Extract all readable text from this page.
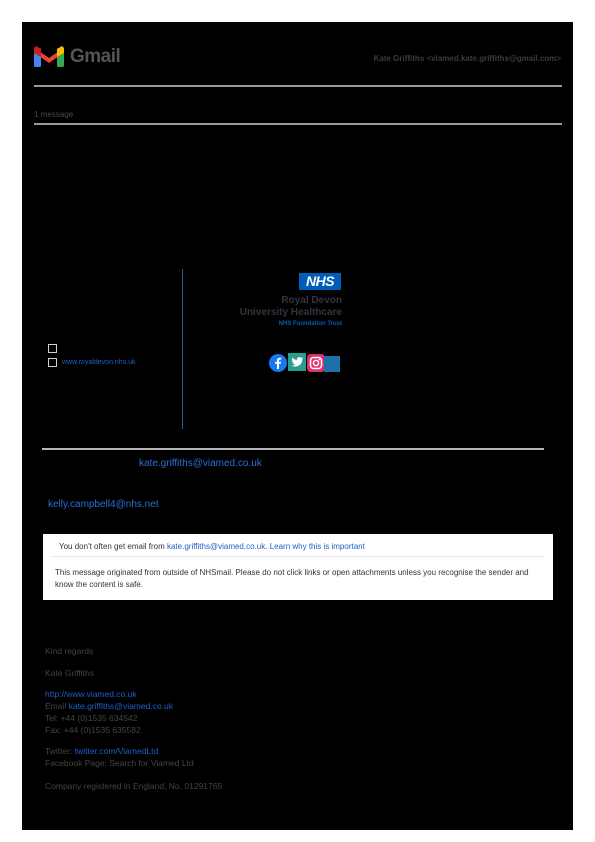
Gmail	Kate Griffiths <viamed.kate.griffiths@gmail.com>
1 message
NHS
Royal Devon
University Healthcare
NHS Foundation Trust
www.royaldevon.nhs.uk
kate.griffiths@viamed.co.uk
kelly.campbell4@nhs.net
You don't often get email from kate.griffiths@viamed.co.uk. Learn why this is important
This message originated from outside of NHSmail. Please do not click links or open attachments unless you recognise the sender and know the content is safe.
Kind regards
Kate Griffiths
http://www.viamed.co.uk
Email kate.griffiths@viamed.co.uk
Tel: +44 (0)1535 634542
Fax: +44 (0)1535 635582
Twitter: twitter.com/ViamedLtd
Facebook Page: Search for Viamed Ltd
Company registered in England, No. 01291765
